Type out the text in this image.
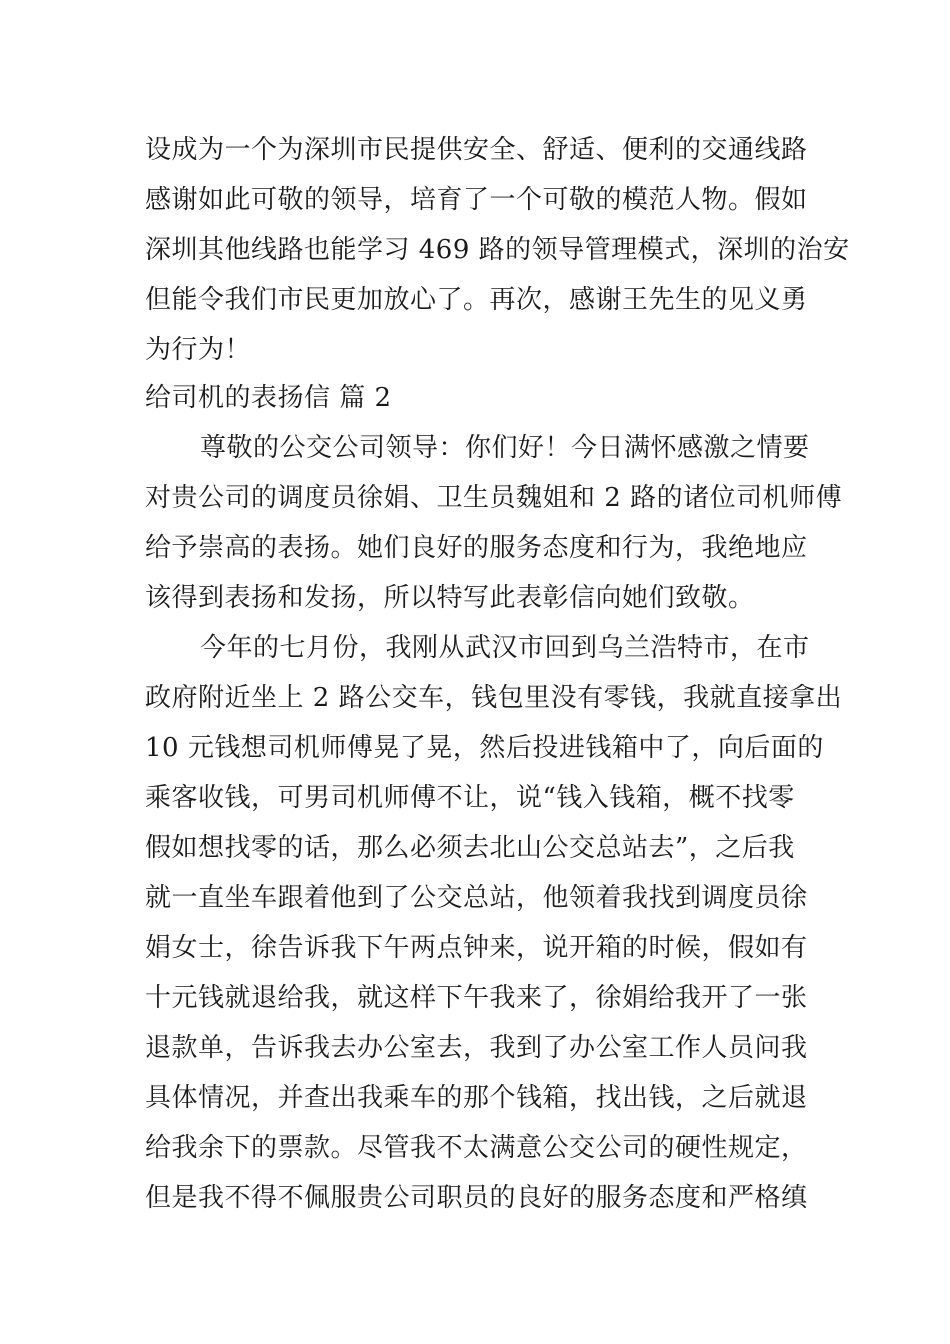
设成为一个为深圳市民提供安全、舒适、便利的交通线路
感谢如此可敬的领导，培育了一个可敬的模范人物。假如
深圳其他线路也能学习 469 路的领导管理模式，深圳的治安
但能令我们市民更加放心了。再次，感谢王先生的见义勇
为行为！
给司机的表扬信 篇 2
尊敬的公交公司领导：你们好！今日满怀感激之情要
对贵公司的调度员徐娟、卫生员魏姐和 2 路的诸位司机师傅
给予崇高的表扬。她们良好的服务态度和行为，我绝地应
该得到表扬和发扬，所以特写此表彰信向她们致敬。
今年的七月份，我刚从武汉市回到乌兰浩特市，在市
政府附近坐上 2 路公交车，钱包里没有零钱，我就直接拿出
10 元钱想司机师傅晃了晃，然后投进钱箱中了，向后面的
乘客收钱，可男司机师傅不让，说“钱入钱箱，概不找零
假如想找零的话，那么必须去北山公交总站去”，之后我
就一直坐车跟着他到了公交总站，他领着我找到调度员徐
娟女士，徐告诉我下午两点钟来，说开箱的时候，假如有
十元钱就退给我，就这样下午我来了，徐娟给我开了一张
退款单，告诉我去办公室去，我到了办公室工作人员问我
具体情况，并查出我乘车的那个钱箱，找出钱，之后就退
给我余下的票款。尽管我不太满意公交公司的硬性规定，
但是我不得不佩服贵公司职员的良好的服务态度和严格缜
